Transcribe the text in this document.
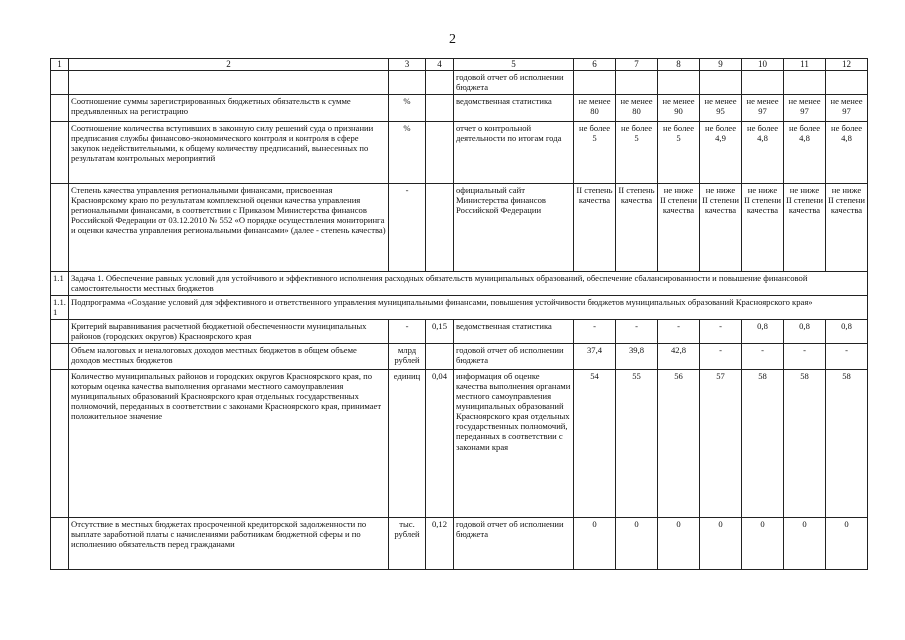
2
1	2	3	4	5	6	7	8	9	10	11	12
				годовой отчет об исполнении бюджета							
	Соотношение суммы зарегистрированных бюджетных обязательств к сумме предъявленных на регистрацию	%		ведомственная статистика	не менее 80	не менее 80	не менее 90	не менее 95	не менее 97	не менее 97	не менее 97
	Соотношение количества вступивших в законную силу решений суда о признании предписания службы финансово-экономического контроля и контроля в сфере закупок недействительными, к общему количеству предписаний, вынесенных по результатам контрольных мероприятий	%		отчет о контрольной деятельности по итогам года	не более 5	не более 5	не более 5	не более 4,9	не более 4,8	не более 4,8	не более 4,8
	Степень качества управления региональными финансами, присвоенная Красноярскому краю по результатам комплексной оценки качества управления региональными финансами, в соответствии с Приказом Министерства финансов Российской Федерации от 03.12.2010 № 552 «О порядке осуществления мониторинга и оценки качества управления региональными финансами» (далее - степень качества)	-		официальный сайт Министерства финансов Российской Федерации	II степень качества	II степень качества	не ниже II степени качества	не ниже II степени качества	не ниже II степени качества	не ниже II степени качества	не ниже II степени качества
1.1	Задача 1. Обеспечение равных условий для устойчивого и эффективного исполнения расходных обязательств муниципальных образований, обеспечение сбалансированности и повышение финансовой самостоятельности местных бюджетов										
1.1.1	Подпрограмма «Создание условий для эффективного и ответственного управления муниципальными финансами, повышения устойчивости бюджетов муниципальных образований Красноярского края»										
	Критерий выравнивания расчетной бюджетной обеспеченности муниципальных районов (городских округов) Красноярского края	-	0,15	ведомственная статистика	-	-	-	-	0,8	0,8	0,8
	Объем налоговых и неналоговых доходов местных бюджетов в общем объеме доходов местных бюджетов	млрд рублей		годовой отчет об исполнении бюджета	37,4	39,8	42,8	-	-	-	-
	Количество муниципальных районов и городских округов Красноярского края, по которым оценка качества выполнения органами местного самоуправления муниципальных образований Красноярского края отдельных государственных полномочий, переданных в соответствии с законами Красноярского края, принимает положительное значение	единиц	0,04	информация об оценке качества выполнения органами местного самоуправления муниципальных образований Красноярского края отдельных государственных полномочий, переданных в соответствии с законами края	54	55	56	57	58	58	58
	Отсутствие в местных бюджетах просроченной кредиторской задолженности по выплате заработной платы с начислениями работникам бюджетной сферы и по исполнению обязательств перед гражданами	тыс. рублей	0,12	годовой отчет об исполнении бюджета	0	0	0	0	0	0	0
